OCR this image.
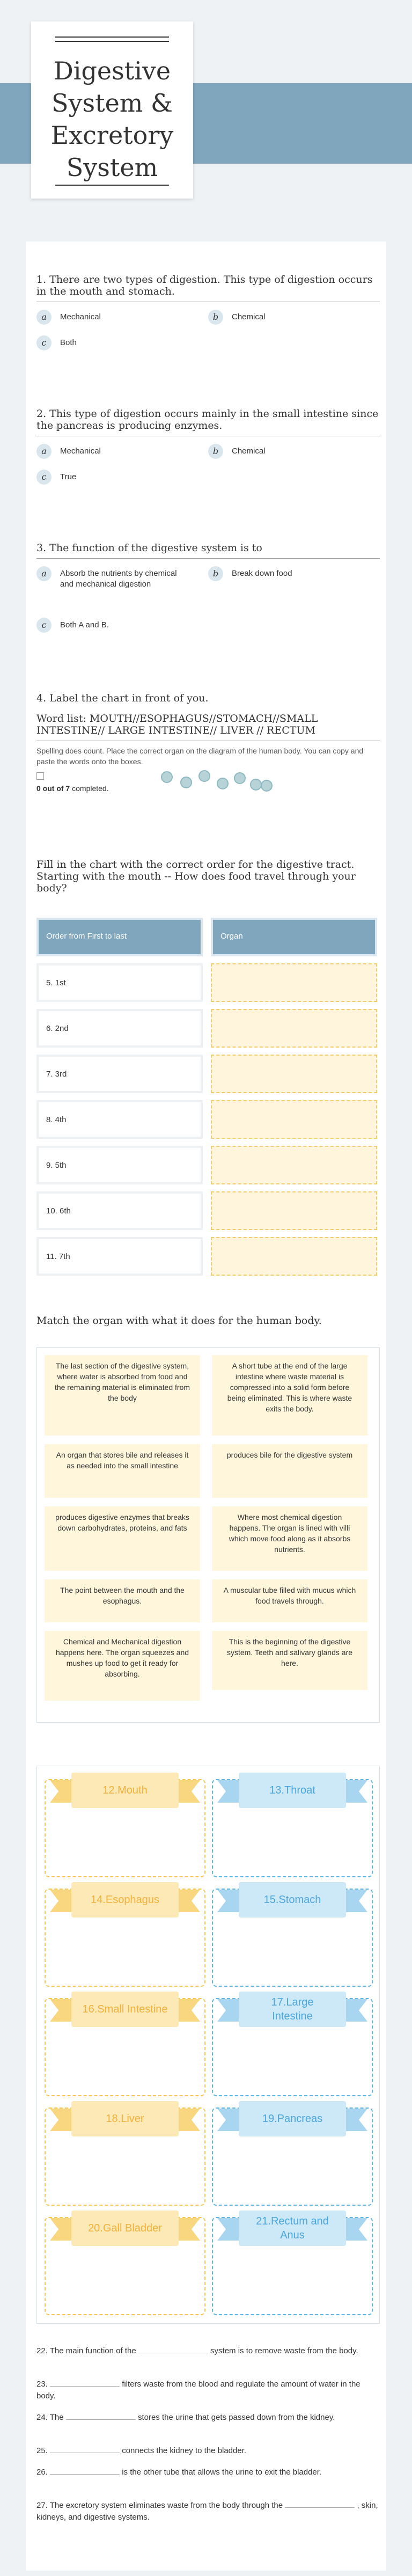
Digestive
System &
Excretory
System
1. There are two types of digestion. This type of digestion occurs in the mouth and stomach.
a	Mechanical	b	Chemical
c	Both
2. This type of digestion occurs mainly in the small intestine since the pancreas is producing enzymes.
a	Mechanical	b	Chemical
c	True
3. The function of the digestive system is to
a	Absorb the nutrients by chemical and mechanical digestion
b	Break down food
c	Both A and B.
4. Label the chart in front of you.
Word list: MOUTH//ESOPHAGUS//STOMACH//SMALL INTESTINE// LARGE INTESTINE// LIVER // RECTUM
Spelling does count. Place the correct organ on the diagram of the human body. You can copy and paste the words onto the boxes.
0 out of 7 completed.
Fill in the chart with the correct order for the digestive tract. Starting with the mouth -- How does food travel through your body?
Order from First to last	Organ
5. 1st
6. 2nd
7. 3rd
8. 4th
9. 5th
10. 6th
11. 7th
Match the organ with what it does for the human body.
The last section of the digestive system, where water is absorbed from food and the remaining material is eliminated from the body
A short tube at the end of the large intestine where waste material is compressed into a solid form before being eliminated. This is where waste exits the body.
An organ that stores bile and releases it as needed into the small intestine
produces bile for the digestive system
produces digestive enzymes that breaks down carbohydrates, proteins, and fats
Where most chemical digestion happens. The organ is lined with villi which move food along as it absorbs nutrients.
The point between the mouth and the esophagus.
A muscular tube filled with mucus which food travels through.
Chemical and Mechanical digestion happens here. The organ squeezes and mushes up food to get it ready for absorbing.
This is the beginning of the digestive system. Teeth and salivary glands are here.
12.Mouth	13.Throat
14.Esophagus	15.Stomach
16.Small Intestine
17.Large Intestine
18.Liver	19.Pancreas
20.Gall Bladder
21.Rectum and Anus
22. The main function of the	system is to remove waste from the body.
23.	filters waste from the blood and regulate the amount of water in the body.
24. The	stores the urine that gets passed down from the kidney.
25.	connects the kidney to the bladder.
26.	is the other tube that allows the urine to exit the bladder.
27. The excretory system eliminates waste from the body through the	, skin, kidneys, and digestive systems.
